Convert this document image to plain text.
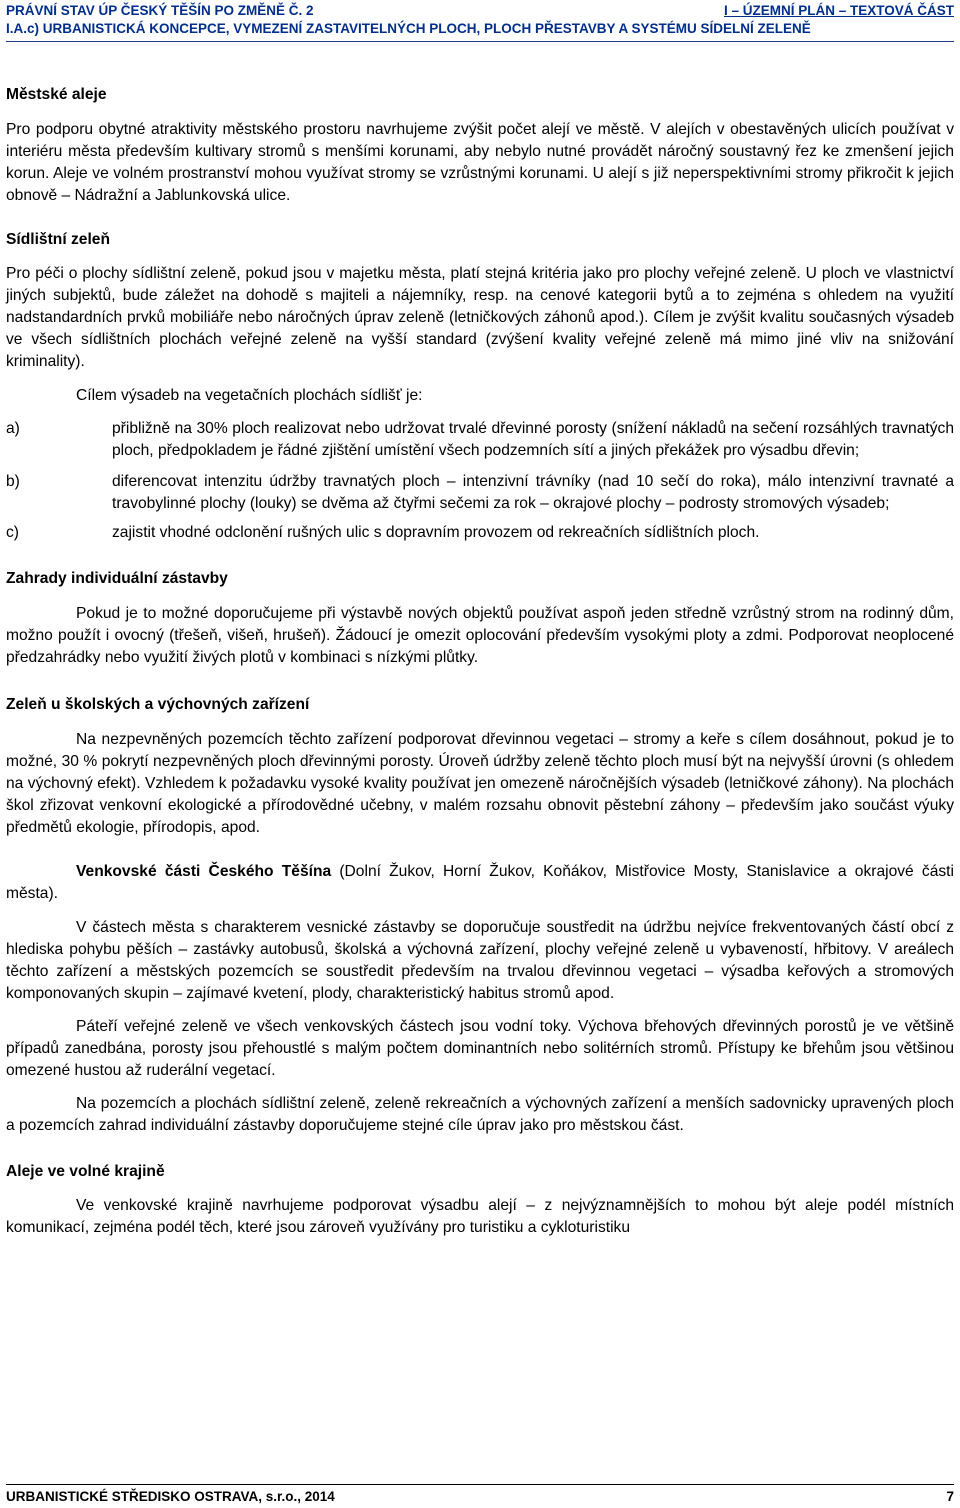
PRÁVNÍ STAV ÚP ČESKÝ TĚŠÍN PO ZMĚNĚ Č. 2	I – ÚZEMNÍ PLÁN – TEXTOVÁ ČÁST
I.A.c) URBANISTICKÁ KONCEPCE, VYMEZENÍ ZASTAVITELNÝCH PLOCH, PLOCH PŘESTAVBY A SYSTÉMU SÍDELNÍ ZELENĚ

Městské aleje

Pro podporu obytné atraktivity městského prostoru navrhujeme zvýšit počet alejí ve městě. V alejích v obestavěných ulicích používat v interiéru města především kultivary stromů s menšími korunami, aby nebylo nutné provádět náročný soustavný řez ke zmenšení jejich korun. Aleje ve volném prostranství mohou využívat stromy se vzrůstnými korunami. U alejí s již neperspektivními stromy přikročit k jejich obnově – Nádražní a Jablunkovská ulice.

Sídlištní zeleň

Pro péči o plochy sídlištní zeleně, pokud jsou v majetku města, platí stejná kritéria jako pro plochy veřejné zeleně. U ploch ve vlastnictví jiných subjektů, bude záležet na dohodě s majiteli a nájemníky, resp. na cenové kategorii bytů a to zejména s ohledem na využití nadstandardních prvků mobiliáře nebo náročných úprav zeleně (letničkových záhonů apod.). Cílem je zvýšit kvalitu současných výsadeb ve všech sídlištních plochách veřejné zeleně na vyšší standard (zvýšení kvality veřejné zeleně má mimo jiné vliv na snižování kriminality).

Cílem výsadeb na vegetačních plochách sídlišť je:

a)	přibližně na 30% ploch realizovat nebo udržovat trvalé dřevinné porosty (snížení nákladů na sečení rozsáhlých travnatých ploch, předpokladem je řádné zjištění umístění všech podzemních sítí a jiných překážek pro výsadbu dřevin;
b)	diferencovat intenzitu údržby travnatých ploch – intenzivní trávníky (nad 10 sečí do roka), málo intenzivní travnaté a travobylinné plochy (louky) se dvěma až čtyřmi sečemi za rok – okrajové plochy – podrosty stromových výsadeb;
c)	zajistit vhodné odclonění rušných ulic s dopravním provozem od rekreačních sídlištních ploch.

Zahrady individuální zástavby

Pokud je to možné doporučujeme při výstavbě nových objektů používat aspoň jeden středně vzrůstný strom na rodinný dům, možno použít i ovocný (třešeň, višeň, hrušeň). Žádoucí je omezit oplocování především vysokými ploty a zdmi. Podporovat neoplocené předzahrádky nebo využití živých plotů v kombinaci s nízkými plůtky.

Zeleň u školských a výchovných zařízení

Na nezpevněných pozemcích těchto zařízení podporovat dřevinnou vegetaci – stromy a keře s cílem dosáhnout, pokud je to možné, 30 % pokrytí nezpevněných ploch dřevinnými porosty. Úroveň údržby zeleně těchto ploch musí být na nejvyšší úrovni (s ohledem na výchovný efekt). Vzhledem k požadavku vysoké kvality používat jen omezeně náročnějších výsadeb (letničkové záhony). Na plochách škol zřizovat venkovní ekologické a přírodovědné učebny, v malém rozsahu obnovit pěstební záhony – především jako součást výuky předmětů ekologie, přírodopis, apod.

Venkovské části Českého Těšína (Dolní Žukov, Horní Žukov, Koňákov, Mistřovice Mosty, Stanislavice a okrajové části města).

V částech města s charakterem vesnické zástavby se doporučuje soustředit na údržbu nejvíce frekventovaných částí obcí z hlediska pohybu pěších – zastávky autobusů, školská a výchovná zařízení, plochy veřejné zeleně u vybaveností, hřbitovy. V areálech těchto zařízení a městských pozemcích se soustředit především na trvalou dřevinnou vegetaci – výsadba keřových a stromových komponovaných skupin – zajímavé kvetení, plody, charakteristický habitus stromů apod.

Páteří veřejné zeleně ve všech venkovských částech jsou vodní toky. Výchova břehových dřevinných porostů je ve většině případů zanedbána, porosty jsou přehoustlé s malým počtem dominantních nebo solitérních stromů. Přístupy ke břehům jsou většinou omezené hustou až ruderální vegetací.

Na pozemcích a plochách sídlištní zeleně, zeleně rekreačních a výchovných zařízení a menších sadovnicky upravených ploch a pozemcích zahrad individuální zástavby doporučujeme stejné cíle úprav jako pro městskou část.

Aleje ve volné krajině

Ve venkovské krajině navrhujeme podporovat výsadbu alejí – z nejvýznamnějších to mohou být aleje podél místních komunikací, zejména podél těch, které jsou zároveň využívány pro turistiku a cykloturistiku

URBANISTICKÉ STŘEDISKO OSTRAVA, s.r.o., 2014	7
